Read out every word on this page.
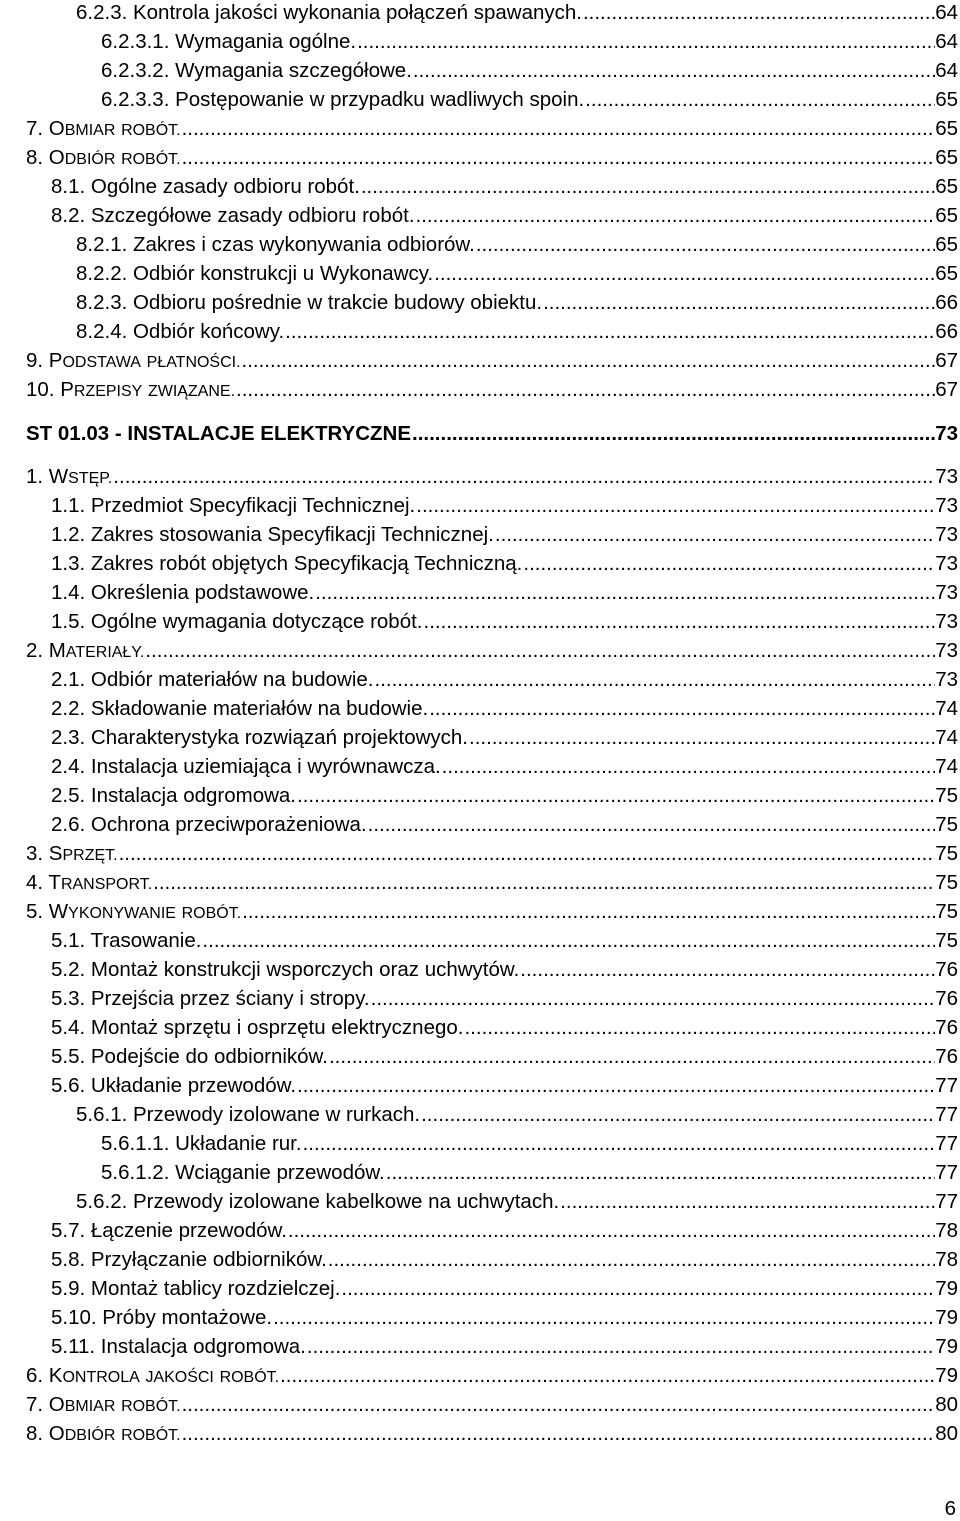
6.2.3. Kontrola jakości wykonania połączeń spawanych. .....	64
6.2.3.1. Wymagania ogólne. .....	64
6.2.3.2. Wymagania szczegółowe. .....	64
6.2.3.3. Postępowanie w przypadku wadliwych spoin. .....	65
7. OBMIAR ROBÓT. .....	65
8. ODBIÓR ROBÓT. .....	65
8.1. Ogólne zasady odbioru robót. .....	65
8.2. Szczegółowe zasady odbioru robót. .....	65
8.2.1. Zakres i czas wykonywania odbiorów. .....	65
8.2.2. Odbiór konstrukcji u Wykonawcy. .....	65
8.2.3. Odbioru pośrednie w trakcie budowy obiektu. .....	66
8.2.4. Odbiór końcowy. .....	66
9. PODSTAWA PŁATNOŚCI. .....	67
10. PRZEPISY ZWIĄZANE. .....	67
ST 01.03 - INSTALACJE ELEKTRYCZNE .....	73
1. WSTĘP. .....	73
1.1. Przedmiot Specyfikacji Technicznej. .....	73
1.2. Zakres stosowania Specyfikacji Technicznej. .....	73
1.3. Zakres robót objętych Specyfikacją Techniczną. .....	73
1.4. Określenia podstawowe. .....	73
1.5. Ogólne wymagania dotyczące robót. .....	73
2. MATERIAŁY. .....	73
2.1. Odbiór materiałów na budowie. .....	73
2.2. Składowanie materiałów na budowie. .....	74
2.3. Charakterystyka rozwiązań projektowych. .....	74
2.4. Instalacja uziemiająca i wyrównawcza. .....	74
2.5. Instalacja odgromowa. .....	75
2.6. Ochrona przeciwporażeniowa. .....	75
3. SPRZĘT. .....	75
4. TRANSPORT. .....	75
5. WYKONYWANIE ROBÓT. .....	75
5.1. Trasowanie. .....	75
5.2. Montaż konstrukcji wsporczych oraz uchwytów. .....	76
5.3. Przejścia przez ściany i stropy. .....	76
5.4. Montaż sprzętu i osprzętu elektrycznego. .....	76
5.5. Podejście do odbiorników. .....	76
5.6. Układanie przewodów. .....	77
5.6.1. Przewody izolowane w rurkach. .....	77
5.6.1.1. Układanie rur. .....	77
5.6.1.2. Wciąganie przewodów. .....	77
5.6.2. Przewody izolowane kabelkowe na uchwytach. .....	77
5.7. Łączenie przewodów. .....	78
5.8. Przyłączanie odbiorników. .....	78
5.9. Montaż tablicy rozdzielczej. .....	79
5.10. Próby montażowe. .....	79
5.11. Instalacja odgromowa. .....	79
6. KONTROLA JAKOŚCI ROBÓT. .....	79
7. OBMIAR ROBÓT. .....	80
8. ODBIÓR ROBÓT. .....	80
6
